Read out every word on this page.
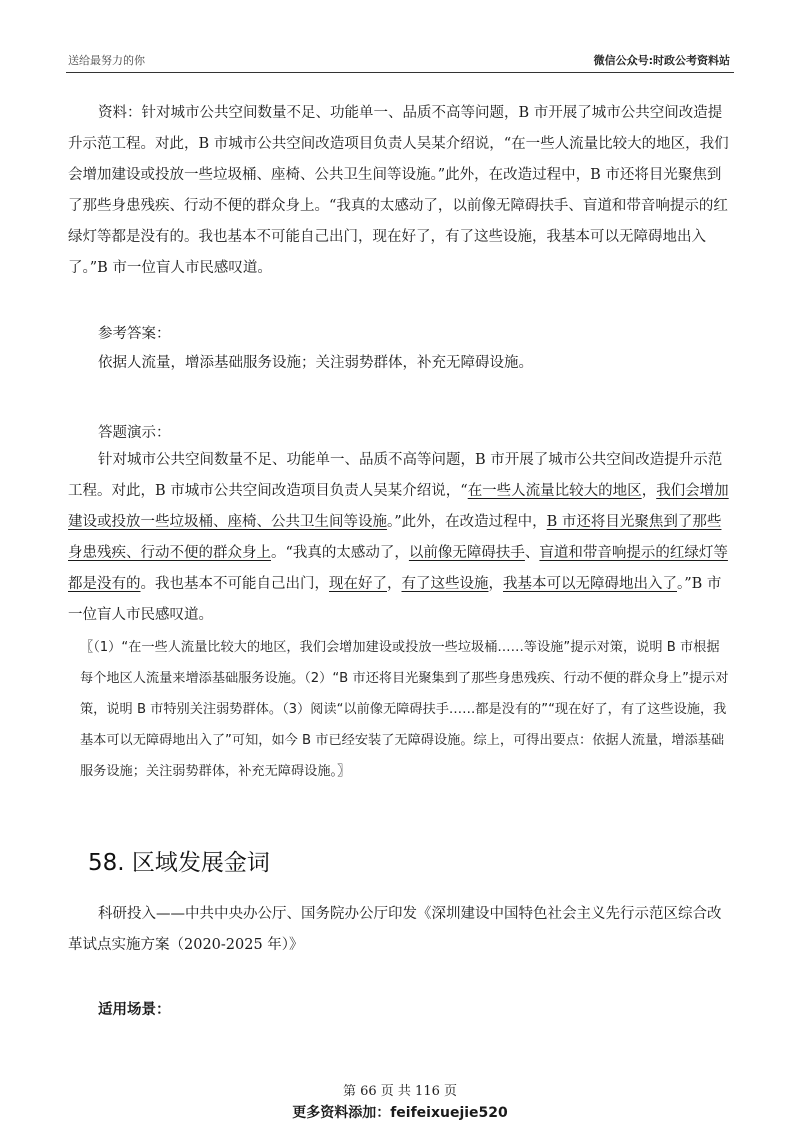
送给最努力的你	微信公众号:时政公考资料站
资料：针对城市公共空间数量不足、功能单一、品质不高等问题，B 市开展了城市公共空间改造提升示范工程。对此，B 市城市公共空间改造项目负责人吴某介绍说，“在一些人流量比较大的地区，我们会增加建设或投放一些垃圾桶、座椅、公共卫生间等设施。”此外，在改造过程中，B 市还将目光聚焦到了那些身患残疾、行动不便的群众身上。“我真的太感动了，以前像无障碍扶手、盲道和带音响提示的红绿灯等都是没有的。我也基本不可能自己出门，现在好了，有了这些设施，我基本可以无障碍地出入了。”B 市一位盲人市民感叹道。
参考答案：
依据人流量，增添基础服务设施；关注弱势群体，补充无障碍设施。
答题演示：
针对城市公共空间数量不足、功能单一、品质不高等问题，B 市开展了城市公共空间改造提升示范工程。对此，B 市城市公共空间改造项目负责人吴某介绍说，“在一些人流量比较大的地区，我们会增加建设或投放一些垃圾桶、座椅、公共卫生间等设施。”此外，在改造过程中，B 市还将目光聚焦到了那些身患残疾、行动不便的群众身上。“我真的太感动了，以前像无障碍扶手、盲道和带音响提示的红绿灯等都是没有的。我也基本不可能自己出门，现在好了，有了这些设施，我基本可以无障碍地出入了。”B 市一位盲人市民感叹道。
〖（1）“在一些人流量比较大的地区，我们会增加建设或投放一些垃圾桶……等设施”提示对策，说明 B 市根据每个地区人流量来增添基础服务设施。（2）“B 市还将目光聚集到了那些身患残疾、行动不便的群众身上”提示对策，说明 B 市特别关注弱势群体。（3）阅读“以前像无障碍扶手……都是没有的”“现在好了，有了这些设施，我基本可以无障碍地出入了”可知，如今 B 市已经安装了无障碍设施。综上，可得出要点：依据人流量，增添基础服务设施；关注弱势群体，补充无障碍设施。〗
58. 区域发展金词
科研投入——中共中央办公厅、国务院办公厅印发《深圳建设中国特色社会主义先行示范区综合改革试点实施方案（2020-2025 年）》
适用场景：
第 66 页 共 116 页
更多资料添加：feifeixuejie520
